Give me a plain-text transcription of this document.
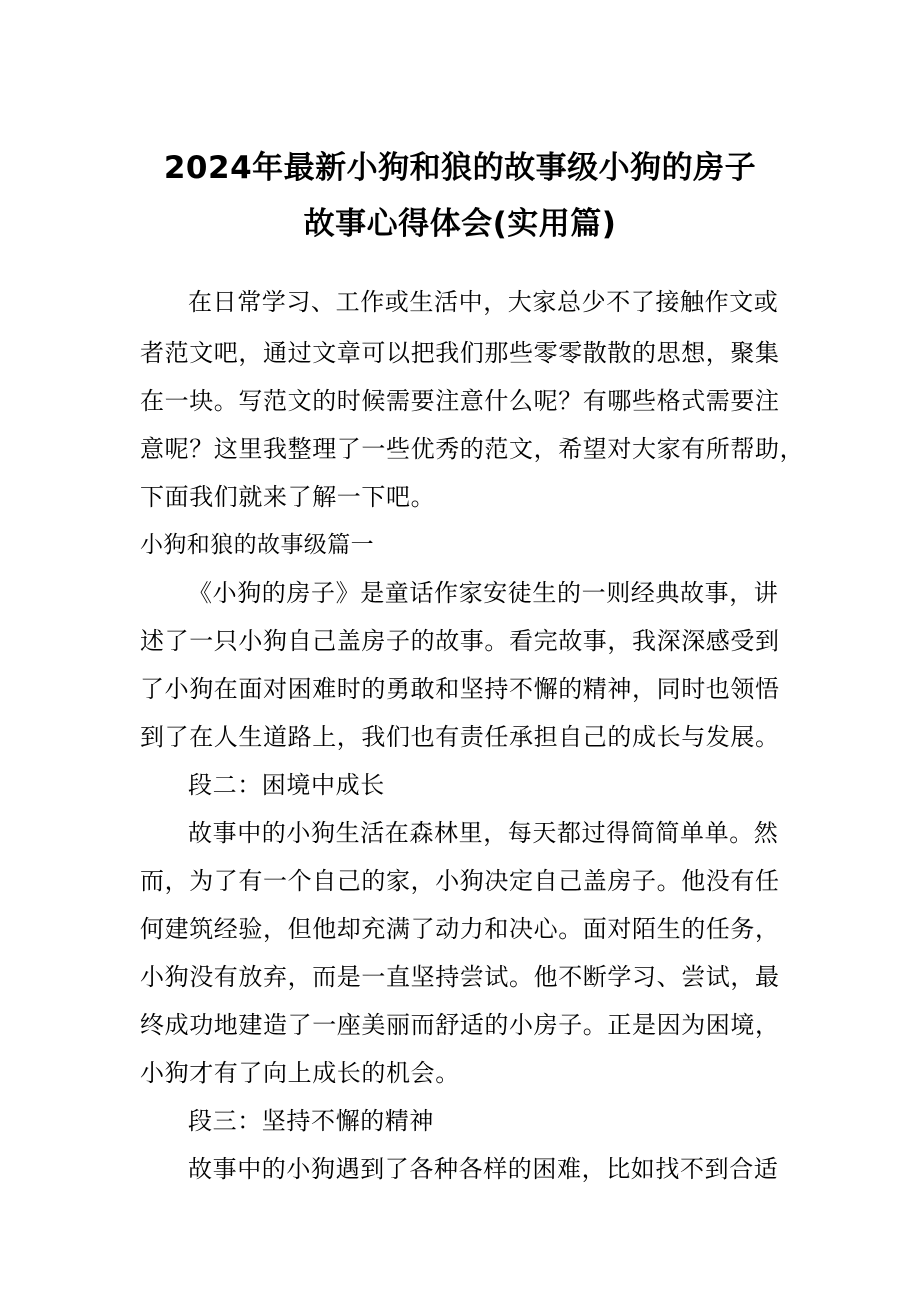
2024年最新小狗和狼的故事级小狗的房子
故事心得体会(实用篇)
在日常学习、工作或生活中，大家总少不了接触作文或
者范文吧，通过文章可以把我们那些零零散散的思想，聚集
在一块。写范文的时候需要注意什么呢？有哪些格式需要注
意呢？这里我整理了一些优秀的范文，希望对大家有所帮助，
下面我们就来了解一下吧。
小狗和狼的故事级篇一
《小狗的房子》是童话作家安徒生的一则经典故事，讲
述了一只小狗自己盖房子的故事。看完故事，我深深感受到
了小狗在面对困难时的勇敢和坚持不懈的精神，同时也领悟
到了在人生道路上，我们也有责任承担自己的成长与发展。
段二：困境中成长
故事中的小狗生活在森林里，每天都过得简简单单。然
而，为了有一个自己的家，小狗决定自己盖房子。他没有任
何建筑经验，但他却充满了动力和决心。面对陌生的任务，
小狗没有放弃，而是一直坚持尝试。他不断学习、尝试，最
终成功地建造了一座美丽而舒适的小房子。正是因为困境，
小狗才有了向上成长的机会。
段三：坚持不懈的精神
故事中的小狗遇到了各种各样的困难，比如找不到合适
